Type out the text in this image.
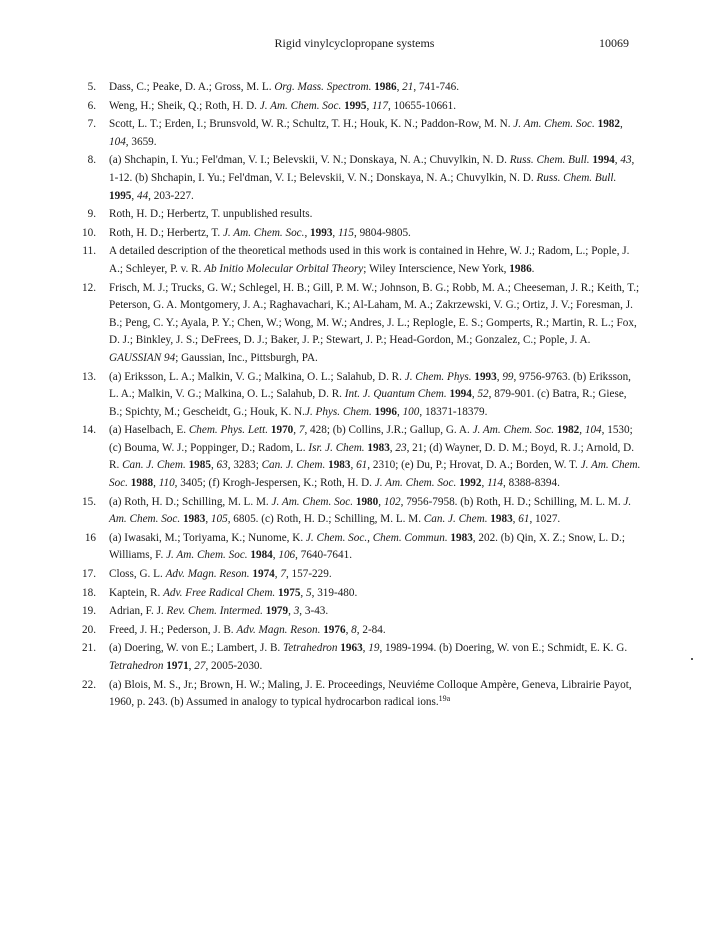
Rigid vinylcyclopropane systems	10069
5. Dass, C.; Peake, D. A.; Gross, M. L. Org. Mass. Spectrom. 1986, 21, 741-746.
6. Weng, H.; Sheik, Q.; Roth, H. D. J. Am. Chem. Soc. 1995, 117, 10655-10661.
7. Scott, L. T.; Erden, I.; Brunsvold, W. R.; Schultz, T. H.; Houk, K. N.; Paddon-Row, M. N. J. Am. Chem. Soc. 1982, 104, 3659.
8. (a) Shchapin, I. Yu.; Fel'dman, V. I.; Belevskii, V. N.; Donskaya, N. A.; Chuvylkin, N. D. Russ. Chem. Bull. 1994, 43, 1-12. (b) Shchapin, I. Yu.; Fel'dman, V. I.; Belevskii, V. N.; Donskaya, N. A.; Chuvylkin, N. D. Russ. Chem. Bull. 1995, 44, 203-227.
9. Roth, H. D.; Herbertz, T. unpublished results.
10. Roth, H. D.; Herbertz, T. J. Am. Chem. Soc., 1993, 115, 9804-9805.
11. A detailed description of the theoretical methods used in this work is contained in Hehre, W. J.; Radom, L.; Pople, J. A.; Schleyer, P. v. R. Ab Initio Molecular Orbital Theory; Wiley Interscience, New York, 1986.
12. Frisch, M. J.; Trucks, G. W.; Schlegel, H. B.; Gill, P. M. W.; Johnson, B. G.; Robb, M. A.; Cheeseman, J. R.; Keith, T.; Peterson, G. A. Montgomery, J. A.; Raghavachari, K.; Al-Laham, M. A.; Zakrzewski, V. G.; Ortiz, J. V.; Foresman, J. B.; Peng, C. Y.; Ayala, P. Y.; Chen, W.; Wong, M. W.; Andres, J. L.; Replogle, E. S.; Gomperts, R.; Martin, R. L.; Fox, D. J.; Binkley, J. S.; DeFrees, D. J.; Baker, J. P.; Stewart, J. P.; Head-Gordon, M.; Gonzalez, C.; Pople, J. A. GAUSSIAN 94; Gaussian, Inc., Pittsburgh, PA.
13. (a) Eriksson, L. A.; Malkin, V. G.; Malkina, O. L.; Salahub, D. R. J. Chem. Phys. 1993, 99, 9756-9763. (b) Eriksson, L. A.; Malkin, V. G.; Malkina, O. L.; Salahub, D. R. Int. J. Quantum Chem. 1994, 52, 879-901. (c) Batra, R.; Giese, B.; Spichty, M.; Gescheidt, G.; Houk, K. N.J. Phys. Chem. 1996, 100, 18371-18379.
14. (a) Haselbach, E. Chem. Phys. Lett. 1970, 7, 428; (b) Collins, J.R.; Gallup, G. A. J. Am. Chem. Soc. 1982, 104, 1530; (c) Bouma, W. J.; Poppinger, D.; Radom, L. Isr. J. Chem. 1983, 23, 21; (d) Wayner, D. D. M.; Boyd, R. J.; Arnold, D. R. Can. J. Chem. 1985, 63, 3283; Can. J. Chem. 1983, 61, 2310; (e) Du, P.; Hrovat, D. A.; Borden, W. T. J. Am. Chem. Soc. 1988, 110, 3405; (f) Krogh-Jespersen, K.; Roth, H. D. J. Am. Chem. Soc. 1992, 114, 8388-8394.
15. (a) Roth, H. D.; Schilling, M. L. M. J. Am. Chem. Soc. 1980, 102, 7956-7958. (b) Roth, H. D.; Schilling, M. L. M. J. Am. Chem. Soc. 1983, 105, 6805. (c) Roth, H. D.; Schilling, M. L. M. Can. J. Chem. 1983, 61, 1027.
16 (a) Iwasaki, M.; Toriyama, K.; Nunome, K. J. Chem. Soc., Chem. Commun. 1983, 202. (b) Qin, X. Z.; Snow, L. D.; Williams, F. J. Am. Chem. Soc. 1984, 106, 7640-7641.
17. Closs, G. L. Adv. Magn. Reson. 1974, 7, 157-229.
18. Kaptein, R. Adv. Free Radical Chem. 1975, 5, 319-480.
19. Adrian, F. J. Rev. Chem. Intermed. 1979, 3, 3-43.
20. Freed, J. H.; Pederson, J. B. Adv. Magn. Reson. 1976, 8, 2-84.
21. (a) Doering, W. von E.; Lambert, J. B. Tetrahedron 1963, 19, 1989-1994. (b) Doering, W. von E.; Schmidt, E. K. G. Tetrahedron 1971, 27, 2005-2030.
22. (a) Blois, M. S., Jr.; Brown, H. W.; Maling, J. E. Proceedings, Neuviéme Colloque Ampère, Geneva, Librairie Payot, 1960, p. 243. (b) Assumed in analogy to typical hydrocarbon radical ions.$^{19a}$
